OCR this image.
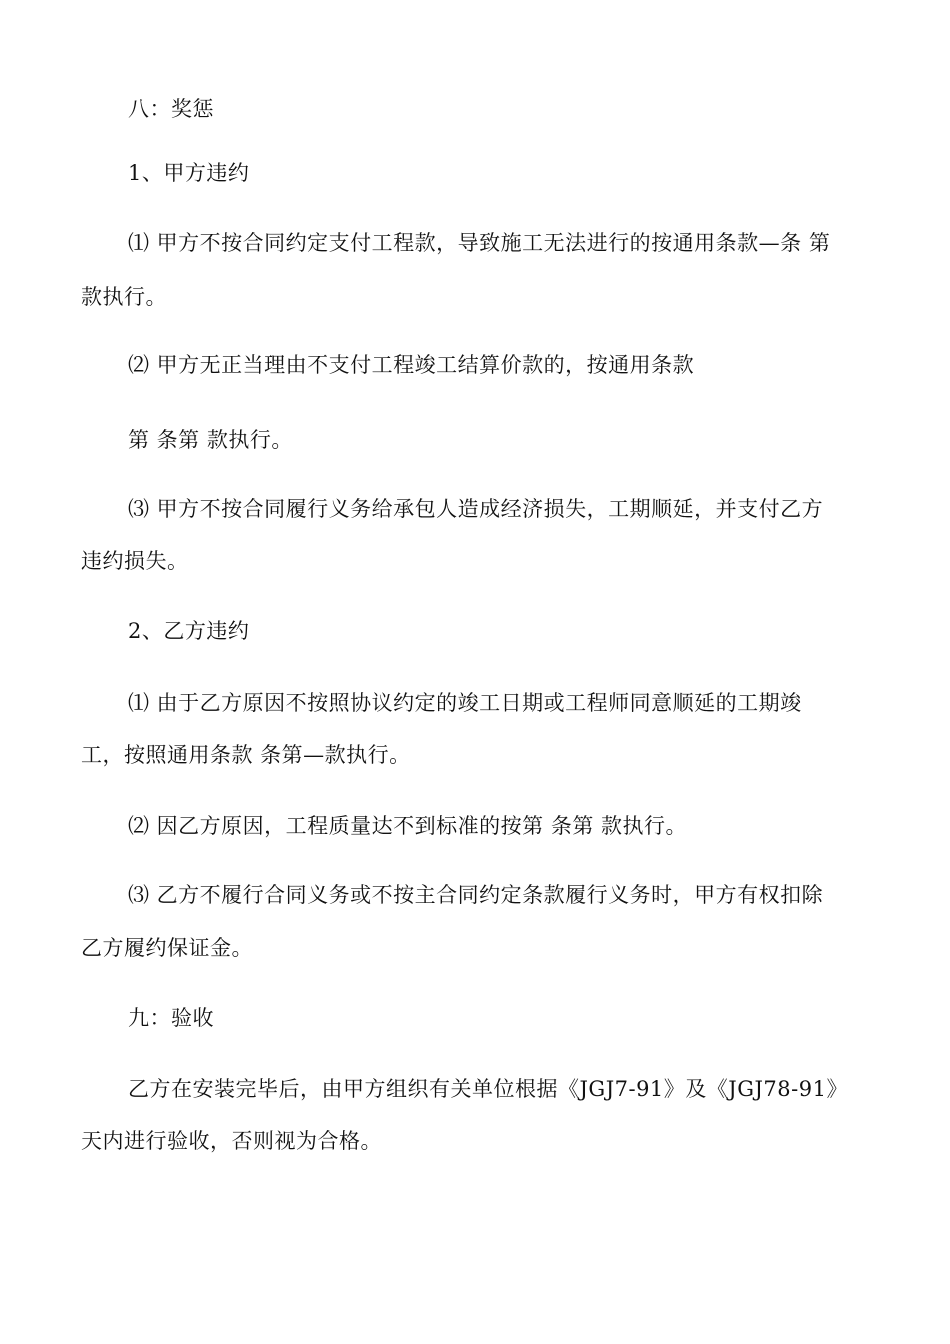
八：奖惩
1、甲方违约
⑴ 甲方不按合同约定支付工程款，导致施工无法进行的按通用条款—条 第
款执行。
⑵ 甲方无正当理由不支付工程竣工结算价款的，按通用条款
第 条第 款执行。
⑶ 甲方不按合同履行义务给承包人造成经济损失，工期顺延，并支付乙方
违约损失。
2、乙方违约
⑴ 由于乙方原因不按照协议约定的竣工日期或工程师同意顺延的工期竣
工，按照通用条款 条第—款执行。
⑵ 因乙方原因，工程质量达不到标准的按第 条第 款执行。
⑶ 乙方不履行合同义务或不按主合同约定条款履行义务时，甲方有权扣除
乙方履约保证金。
九：验收
乙方在安装完毕后，由甲方组织有关单位根据《JGJ7-91》及《JGJ78-91》
天内进行验收，否则视为合格。
